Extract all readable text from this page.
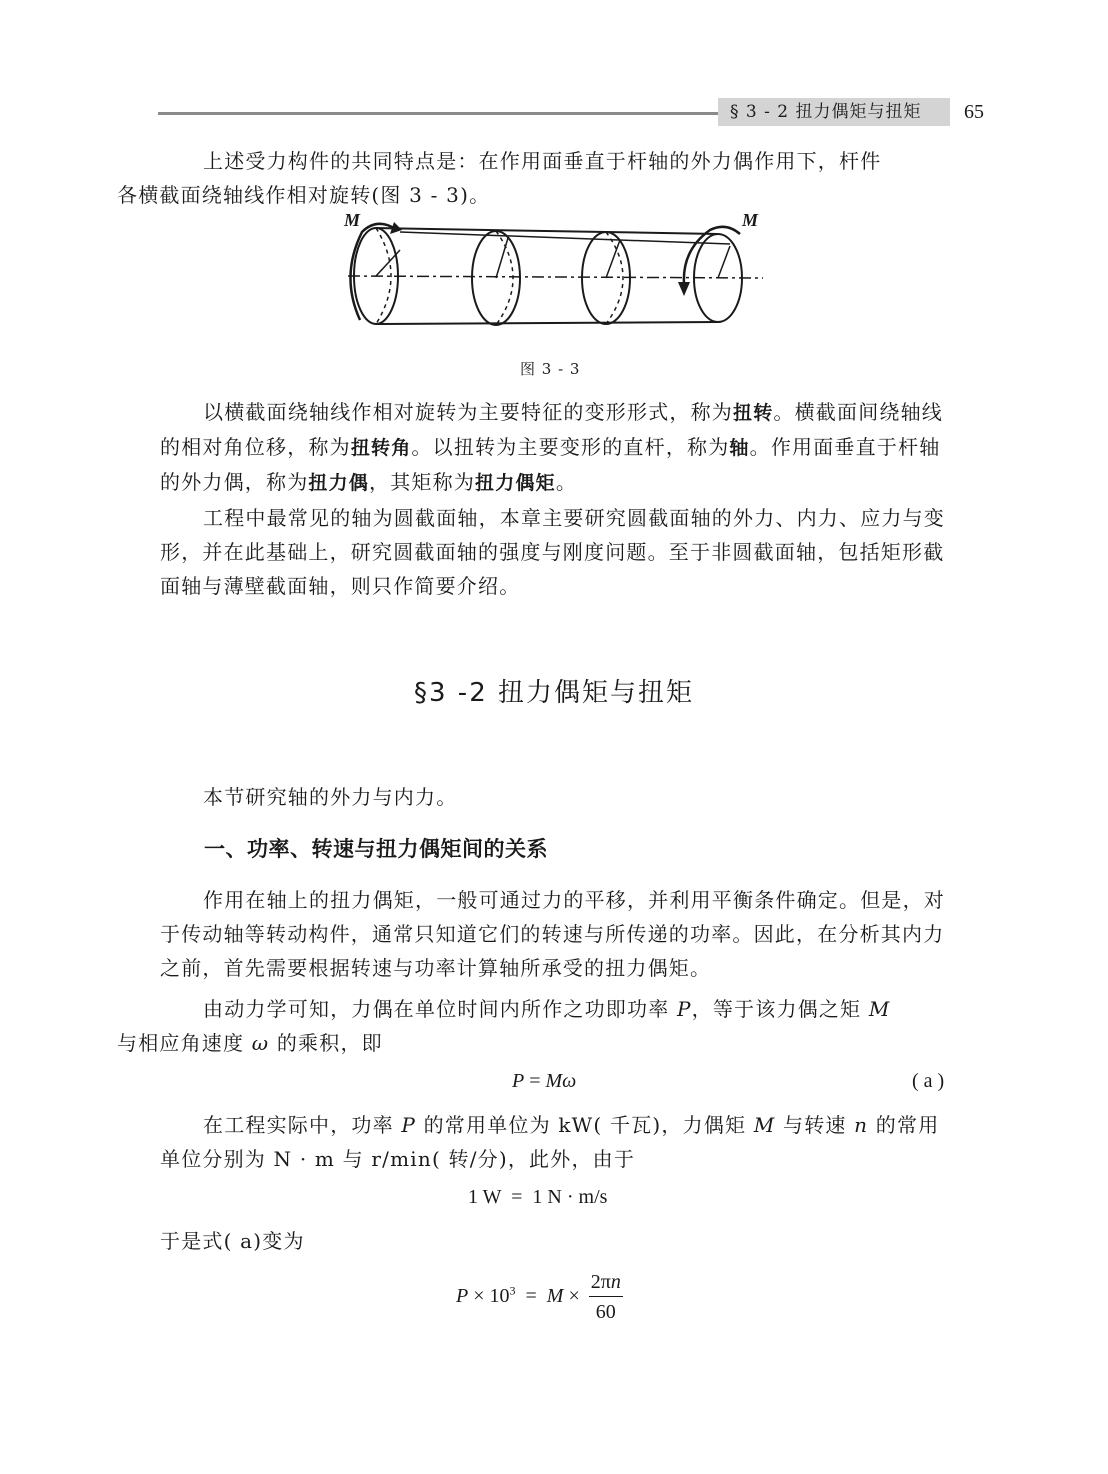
§ 3 - 2 扭力偶矩与扭矩	65

上述受力构件的共同特点是：在作用面垂直于杆轴的外力偶作用下，杆件
各横截面绕轴线作相对旋转(图 3 - 3)。

M	M
图 3 - 3

以横截面绕轴线作相对旋转为主要特征的变形形式，称为扭转。横截面间绕轴线的相对角位移，称为扭转角。以扭转为主要变形的直杆，称为轴。作用面垂直于杆轴的外力偶，称为扭力偶，其矩称为扭力偶矩。

工程中最常见的轴为圆截面轴，本章主要研究圆截面轴的外力、内力、应力与变形，并在此基础上，研究圆截面轴的强度与刚度问题。至于非圆截面轴，包括矩形截面轴与薄壁截面轴，则只作简要介绍。

§3 -2 扭力偶矩与扭矩

本节研究轴的外力与内力。

一、功率、转速与扭力偶矩间的关系

作用在轴上的扭力偶矩，一般可通过力的平移，并利用平衡条件确定。但是，对于传动轴等转动构件，通常只知道它们的转速与所传递的功率。因此，在分析其内力之前，首先需要根据转速与功率计算轴所承受的扭力偶矩。

由动力学可知，力偶在单位时间内所作之功即功率 P，等于该力偶之矩 M
与相应角速度 ω 的乘积，即

P = Mω	( a )

在工程实际中，功率 P 的常用单位为 kW( 千瓦)，力偶矩 M 与转速 n 的常用单位分别为 N · m 与 r/min( 转/分)，此外，由于

1 W  =  1 N · m/s

于是式( a)变为

$P \times 10^3 = M \times \frac{2\pi n}{60}$
